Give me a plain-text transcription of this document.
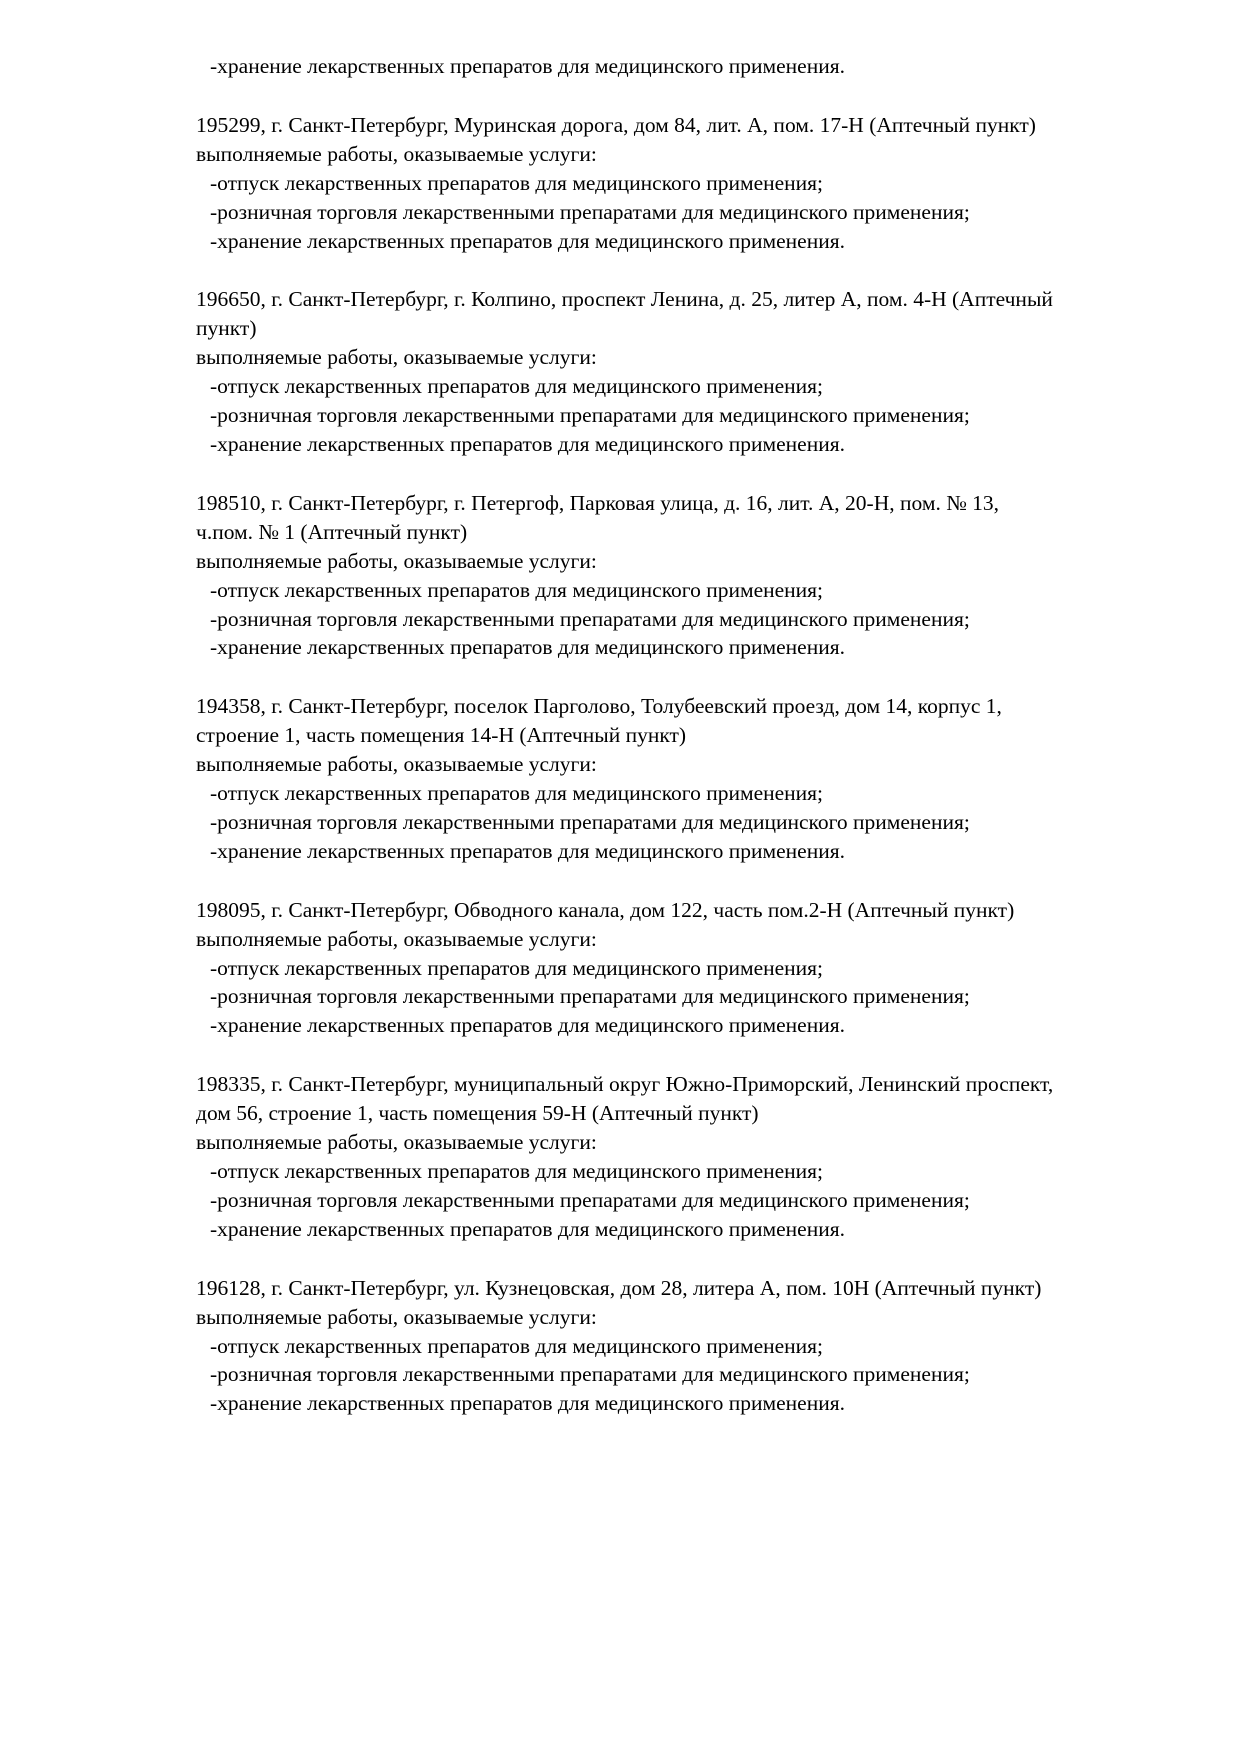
-хранение лекарственных препаратов для медицинского применения.

195299, г. Санкт-Петербург, Муринская дорога, дом 84, лит. А, пом. 17-Н (Аптечный пункт)

выполняемые работы, оказываемые услуги:

-отпуск лекарственных препаратов для медицинского применения;
-розничная торговля лекарственными препаратами для медицинского применения;
-хранение лекарственных препаратов для медицинского применения.

196650, г. Санкт-Петербург, г. Колпино, проспект Ленина, д. 25, литер А, пом. 4-Н (Аптечный пункт)

выполняемые работы, оказываемые услуги:

-отпуск лекарственных препаратов для медицинского применения;
-розничная торговля лекарственными препаратами для медицинского применения;
-хранение лекарственных препаратов для медицинского применения.

198510, г. Санкт-Петербург, г. Петергоф, Парковая улица, д. 16, лит. А, 20-Н, пом. № 13, ч.пом. № 1 (Аптечный пункт)

выполняемые работы, оказываемые услуги:

-отпуск лекарственных препаратов для медицинского применения;
-розничная торговля лекарственными препаратами для медицинского применения;
-хранение лекарственных препаратов для медицинского применения.

194358, г. Санкт-Петербург, поселок Парголово, Толубеевский проезд, дом 14, корпус 1, строение 1, часть помещения 14-Н (Аптечный пункт)

выполняемые работы, оказываемые услуги:

-отпуск лекарственных препаратов для медицинского применения;
-розничная торговля лекарственными препаратами для медицинского применения;
-хранение лекарственных препаратов для медицинского применения.

198095, г. Санкт-Петербург, Обводного канала, дом 122, часть пом.2-Н (Аптечный пункт)

выполняемые работы, оказываемые услуги:

-отпуск лекарственных препаратов для медицинского применения;
-розничная торговля лекарственными препаратами для медицинского применения;
-хранение лекарственных препаратов для медицинского применения.

198335, г. Санкт-Петербург, муниципальный округ Южно-Приморский, Ленинский проспект, дом 56, строение 1, часть помещения 59-Н (Аптечный пункт)

выполняемые работы, оказываемые услуги:

-отпуск лекарственных препаратов для медицинского применения;
-розничная торговля лекарственными препаратами для медицинского применения;
-хранение лекарственных препаратов для медицинского применения.

196128, г. Санкт-Петербург, ул. Кузнецовская, дом 28, литера А, пом. 10Н (Аптечный пункт)

выполняемые работы, оказываемые услуги:

-отпуск лекарственных препаратов для медицинского применения;
-розничная торговля лекарственными препаратами для медицинского применения;
-хранение лекарственных препаратов для медицинского применения.
